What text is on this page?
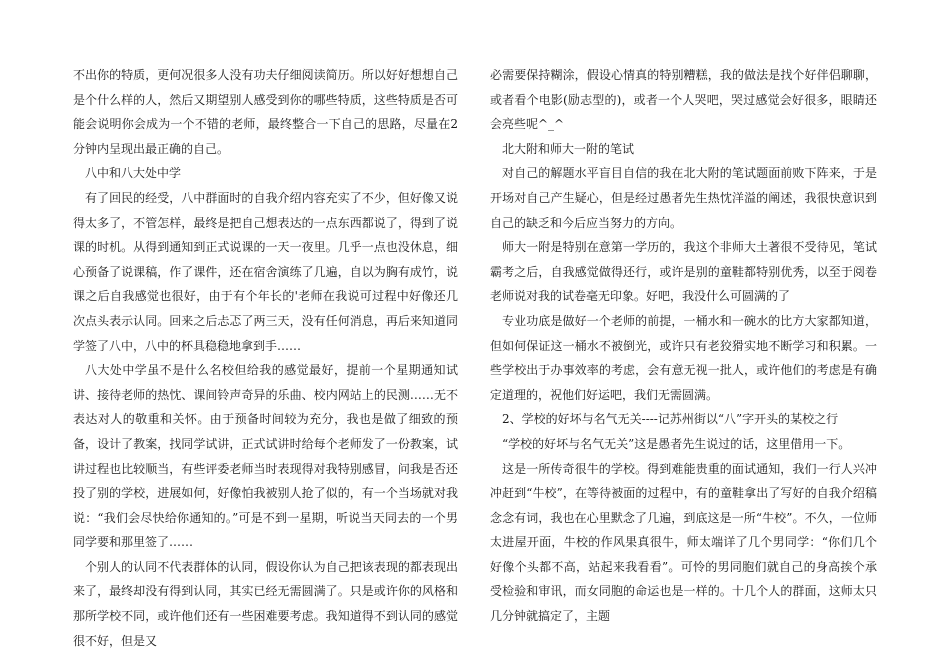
不出你的特质，更何况很多人没有功夫仔细阅读简历。所以好好想想自己是个什么样的人，然后又期望别人感受到你的哪些特质，这些特质是否可能会说明你会成为一个不错的老师，最终整合一下自己的思路，尽量在2分钟内呈现出最正确的自己。

八中和八大处中学

有了回民的经受，八中群面时的自我介绍内容充实了不少，但好像又说得太多了，不管怎样，最终是把自己想表达的一点东西都说了，得到了说课的时机。从得到通知到正式说课的一天一夜里。几乎一点也没休息，细心预备了说课稿，作了课件，还在宿舍演练了几遍，自以为胸有成竹，说课之后自我感觉也很好，由于有个年长的'老师在我说可过程中好像还几次点头表示认同。回来之后忐忑了两三天，没有任何消息，再后来知道同学签了八中，八中的杯具稳稳地拿到手……

八大处中学虽不是什么名校但给我的感觉最好，提前一个星期通知试讲、接待老师的热忱、课间铃声奇异的乐曲、校内网站上的民测……无不表达对人的敬重和关怀。由于预备时间较为充分，我也是做了细致的预备，设计了教案，找同学试讲，正式试讲时给每个老师发了一份教案，试讲过程也比较顺当，有些评委老师当时表现得对我特别感冒，问我是否还投了别的学校，进展如何，好像怕我被别人抢了似的，有一个当场就对我说：“我们会尽快给你通知的。”可是不到一星期，听说当天同去的一个男同学要和那里签了……

个别人的认同不代表群体的认同，假设你认为自己把该表现的都表现出来了，最终却没有得到认同，其实已经无需圆满了。只是或许你的风格和那所学校不同，或许他们还有一些困难要考虑。我知道得不到认同的感觉很不好，但是又

必需要保持糊涂，假设心情真的特别糟糕，我的做法是找个好伴侣聊聊，或者看个电影(励志型的)，或者一个人哭吧，哭过感觉会好很多，眼睛还会亮些呢^_^

北大附和师大一附的笔试

对自己的解题水平盲目自信的我在北大附的笔试题面前败下阵来，于是开场对自己产生疑心，但是经过愚者先生热忱洋溢的阐述，我很快意识到自己的缺乏和今后应当努力的方向。

师大一附是特别在意第一学历的，我这个非师大土著很不受待见，笔试霸考之后，自我感觉做得还行，或许是别的童鞋都特别优秀，以至于阅卷老师说对我的试卷毫无印象。好吧，我没什么可圆满的了

专业功底是做好一个老师的前提，一桶水和一碗水的比方大家都知道，但如何保证这一桶水不被倒光，或许只有老狡猾实地不断学习和积累。一些学校出于办事效率的考虑，会有意无视一批人，或许他们的考虑是有确定道理的，祝他们好运吧，我们无需圆满。

2、学校的好坏与名气无关----记苏州街以“八”字开头的某校之行

“学校的好坏与名气无关”这是愚者先生说过的话，这里借用一下。

这是一所传奇很牛的学校。得到难能贵重的面试通知，我们一行人兴冲冲赶到“牛校”，在等待被面的过程中，有的童鞋拿出了写好的自我介绍稿念念有词，我也在心里默念了几遍，到底这是一所“牛校”。不久，一位师太进屋开面，牛校的作风果真很牛，师太端详了几个男同学：“你们几个好像个头都不高，站起来我看看”。可怜的男同胞们就自己的身高挨个承受检验和审讯，而女同胞的命运也是一样的。十几个人的群面，这师太只几分钟就搞定了，主题
